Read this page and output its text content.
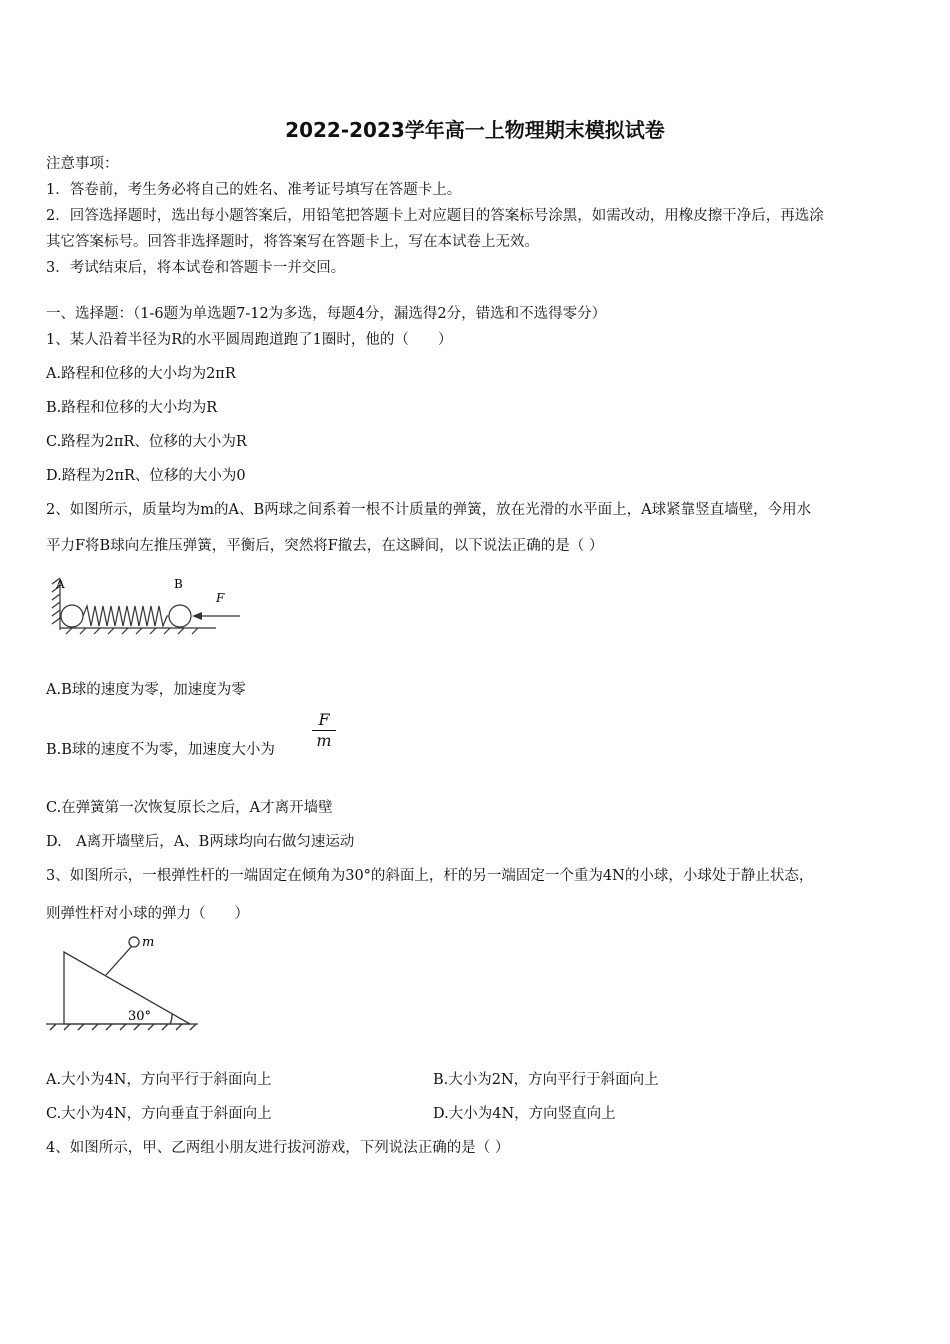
2022-2023学年高一上物理期末模拟试卷
注意事项：
1．答卷前，考生务必将自己的姓名、准考证号填写在答题卡上。
2．回答选择题时，选出每小题答案后，用铅笔把答题卡上对应题目的答案标号涂黑，如需改动，用橡皮擦干净后，再选涂
其它答案标号。回答非选择题时，将答案写在答题卡上，写在本试卷上无效。
3．考试结束后，将本试卷和答题卡一并交回。
一、选择题：（1-6题为单选题7-12为多选，每题4分，漏选得2分，错选和不选得零分）
1、某人沿着半径为R的水平圆周跑道跑了1圈时，他的（　　）
A.路程和位移的大小均为2πR
B.路程和位移的大小均为R
C.路程为2πR、位移的大小为R
D.路程为2πR、位移的大小为0
2、如图所示，质量均为m的A、B两球之间系着一根不计质量的弹簧，放在光滑的水平面上，A球紧靠竖直墙壁，今用水
平力F将B球向左推压弹簧，平衡后，突然将F撤去，在这瞬间，以下说法正确的是（ ）
A	B
F
A.B球的速度为零，加速度为零
B.B球的速度不为零，加速度大小为 $\frac{F}{m}$
C.在弹簧第一次恢复原长之后，A才离开墙壁
D.　A离开墙壁后，A、B两球均向右做匀速运动
3、如图所示，一根弹性杆的一端固定在倾角为30°的斜面上，杆的另一端固定一个重为4N的小球，小球处于静止状态，
则弹性杆对小球的弹力（　　）
m
30°
A.大小为4N，方向平行于斜面向上	B.大小为2N，方向平行于斜面向上
C.大小为4N，方向垂直于斜面向上	D.大小为4N，方向竖直向上
4、如图所示，甲、乙两组小朋友进行拔河游戏，下列说法正确的是（ ）
